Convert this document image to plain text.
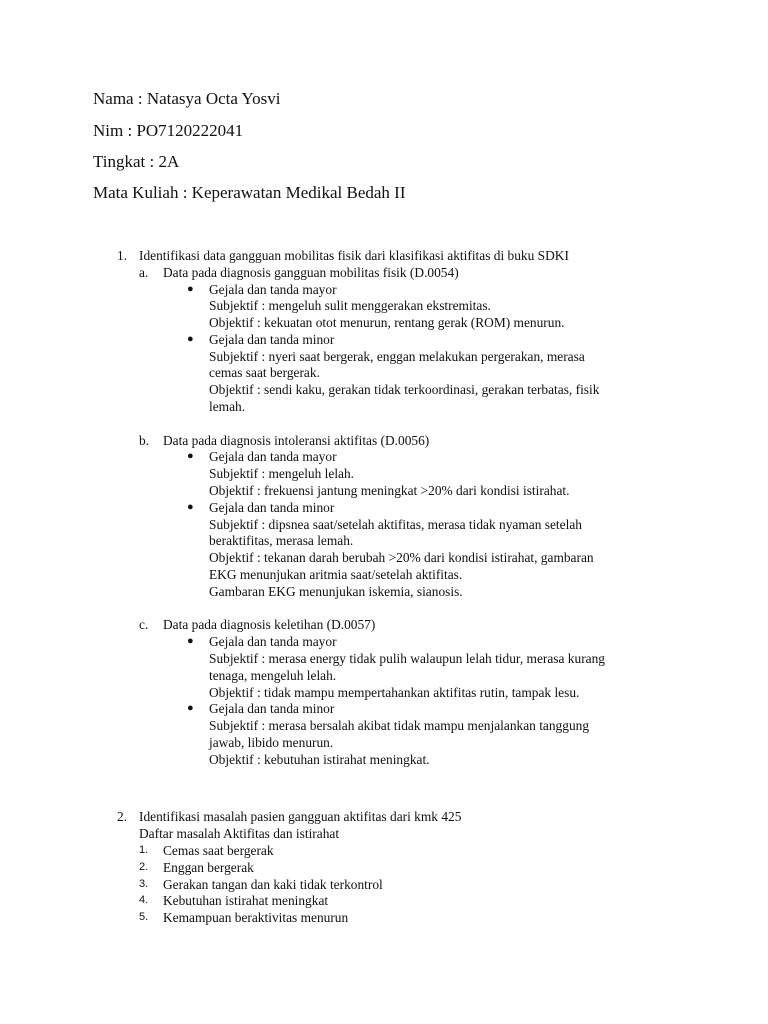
Nama : Natasya Octa Yosvi
Nim : PO7120222041
Tingkat : 2A
Mata Kuliah : Keperawatan Medikal Bedah II
1. Identifikasi data gangguan mobilitas fisik dari klasifikasi aktifitas di buku SDKI
a. Data pada diagnosis gangguan mobilitas fisik (D.0054)
● Gejala dan tanda mayor
Subjektif : mengeluh sulit menggerakan ekstremitas.
Objektif : kekuatan otot menurun, rentang gerak (ROM) menurun.
● Gejala dan tanda minor
Subjektif : nyeri saat bergerak, enggan melakukan pergerakan, merasa
cemas saat bergerak.
Objektif : sendi kaku, gerakan tidak terkoordinasi, gerakan terbatas, fisik
lemah.
b. Data pada diagnosis intoleransi aktifitas (D.0056)
● Gejala dan tanda mayor
Subjektif : mengeluh lelah.
Objektif : frekuensi jantung meningkat >20% dari kondisi istirahat.
● Gejala dan tanda minor
Subjektif : dipsnea saat/setelah aktifitas, merasa tidak nyaman setelah
beraktifitas, merasa lemah.
Objektif : tekanan darah berubah >20% dari kondisi istirahat, gambaran
EKG menunjukan aritmia saat/setelah aktifitas.
Gambaran EKG menunjukan iskemia, sianosis.
c. Data pada diagnosis keletihan (D.0057)
● Gejala dan tanda mayor
Subjektif : merasa energy tidak pulih walaupun lelah tidur, merasa kurang
tenaga, mengeluh lelah.
Objektif : tidak mampu mempertahankan aktifitas rutin, tampak lesu.
● Gejala dan tanda minor
Subjektif : merasa bersalah akibat tidak mampu menjalankan tanggung
jawab, libido menurun.
Objektif : kebutuhan istirahat meningkat.
2. Identifikasi masalah pasien gangguan aktifitas dari kmk 425
Daftar masalah Aktifitas dan istirahat
1. Cemas saat bergerak
2. Enggan bergerak
3. Gerakan tangan dan kaki tidak terkontrol
4. Kebutuhan istirahat meningkat
5. Kemampuan beraktivitas menurun
